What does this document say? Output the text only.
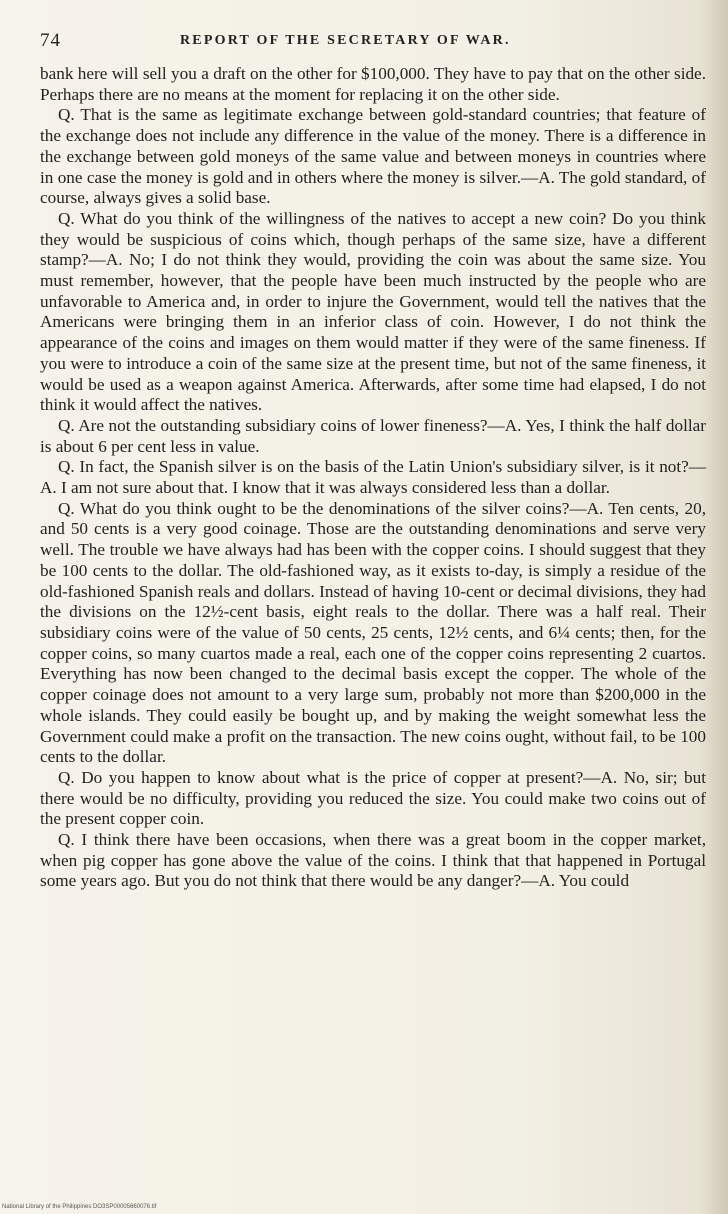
74	REPORT OF THE SECRETARY OF WAR.

bank here will sell you a draft on the other for $100,000. They have to pay that on the other side. Perhaps there are no means at the moment for replacing it on the other side.

Q. That is the same as legitimate exchange between gold-standard countries; that feature of the exchange does not include any difference in the value of the money. There is a difference in the exchange between gold moneys of the same value and between moneys in countries where in one case the money is gold and in others where the money is silver.—A. The gold standard, of course, always gives a solid base.

Q. What do you think of the willingness of the natives to accept a new coin? Do you think they would be suspicious of coins which, though perhaps of the same size, have a different stamp?—A. No; I do not think they would, providing the coin was about the same size. You must remember, however, that the people have been much instructed by the people who are unfavorable to America and, in order to injure the Government, would tell the natives that the Americans were bringing them in an inferior class of coin. However, I do not think the appearance of the coins and images on them would matter if they were of the same fineness. If you were to introduce a coin of the same size at the present time, but not of the same fineness, it would be used as a weapon against America. Afterwards, after some time had elapsed, I do not think it would affect the natives.

Q. Are not the outstanding subsidiary coins of lower fineness?—A. Yes, I think the half dollar is about 6 per cent less in value.

Q. In fact, the Spanish silver is on the basis of the Latin Union's subsidiary silver, is it not?—A. I am not sure about that. I know that it was always considered less than a dollar.

Q. What do you think ought to be the denominations of the silver coins?—A. Ten cents, 20, and 50 cents is a very good coinage. Those are the outstanding denominations and serve very well. The trouble we have always had has been with the copper coins. I should suggest that they be 100 cents to the dollar. The old-fashioned way, as it exists to-day, is simply a residue of the old-fashioned Spanish reals and dollars. Instead of having 10-cent or decimal divisions, they had the divisions on the 12½-cent basis, eight reals to the dollar. There was a half real. Their subsidiary coins were of the value of 50 cents, 25 cents, 12½ cents, and 6¼ cents; then, for the copper coins, so many cuartos made a real, each one of the copper coins representing 2 cuartos. Everything has now been changed to the decimal basis except the copper. The whole of the copper coinage does not amount to a very large sum, probably not more than $200,000 in the whole islands. They could easily be bought up, and by making the weight somewhat less the Government could make a profit on the transaction. The new coins ought, without fail, to be 100 cents to the dollar.

Q. Do you happen to know about what is the price of copper at present?—A. No, sir; but there would be no difficulty, providing you reduced the size. You could make two coins out of the present copper coin.

Q. I think there have been occasions, when there was a great boom in the copper market, when pig copper has gone above the value of the coins. I think that that happened in Portugal some years ago. But you do not think that there would be any danger?—A. You could

National Library of the Philippines DO3SP00005660076.tif
